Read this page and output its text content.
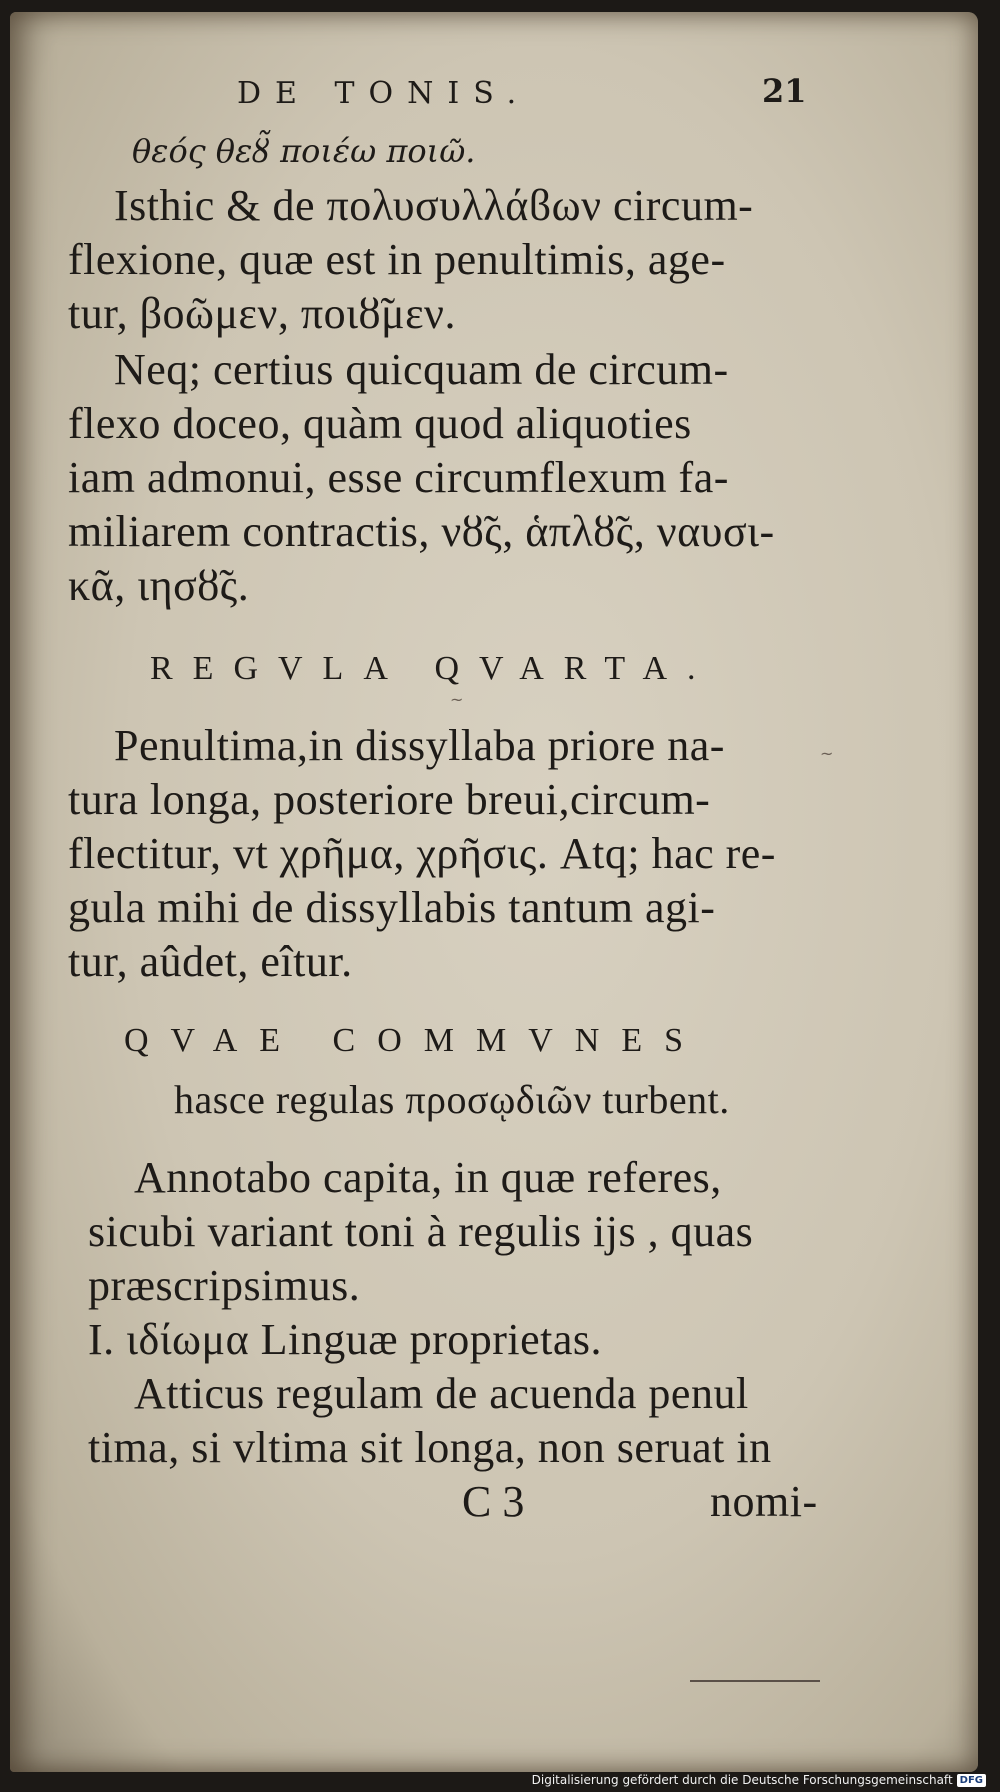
DE TONIS.	21
θεός θεȣ̃ ποιέω ποιῶ.
Isthic & de πολυσυλλάϐων circum-
flexione, quæ est in penultimis, age-
tur, βοῶμεν, ποιȣ̃μεν.
Neq; certius quicquam de circum-
flexo doceo, quàm quod aliquoties
iam admonui, esse circumflexum fa-
miliarem contractis, νȣ̃ς, ἁπλȣ̃ς, ναυσι-
κᾶ, ιησȣ̃ς.
REGVLA QVARTA.
~
Penultima,in dissyllaba priore na-	~
tura longa, posteriore breui,circum-
flectitur, vt χρῆμα, χρῆσις. Atq; hac re-
gula mihi de dissyllabis tantum agi-
tur, aûdet, eîtur.
QVAE COMMVNES
hasce regulas προσῳδιῶν turbent.
Annotabo capita, in quæ referes,
sicubi variant toni à regulis ijs , quas
præscripsimus.
I. ιδίωμα Linguæ proprietas.
Atticus regulam de acuenda penul
tima, si vltima sit longa, non seruat in
C 3	nomi-
Digitalisierung gefördert durch die Deutsche Forschungsgemeinschaft DFG
